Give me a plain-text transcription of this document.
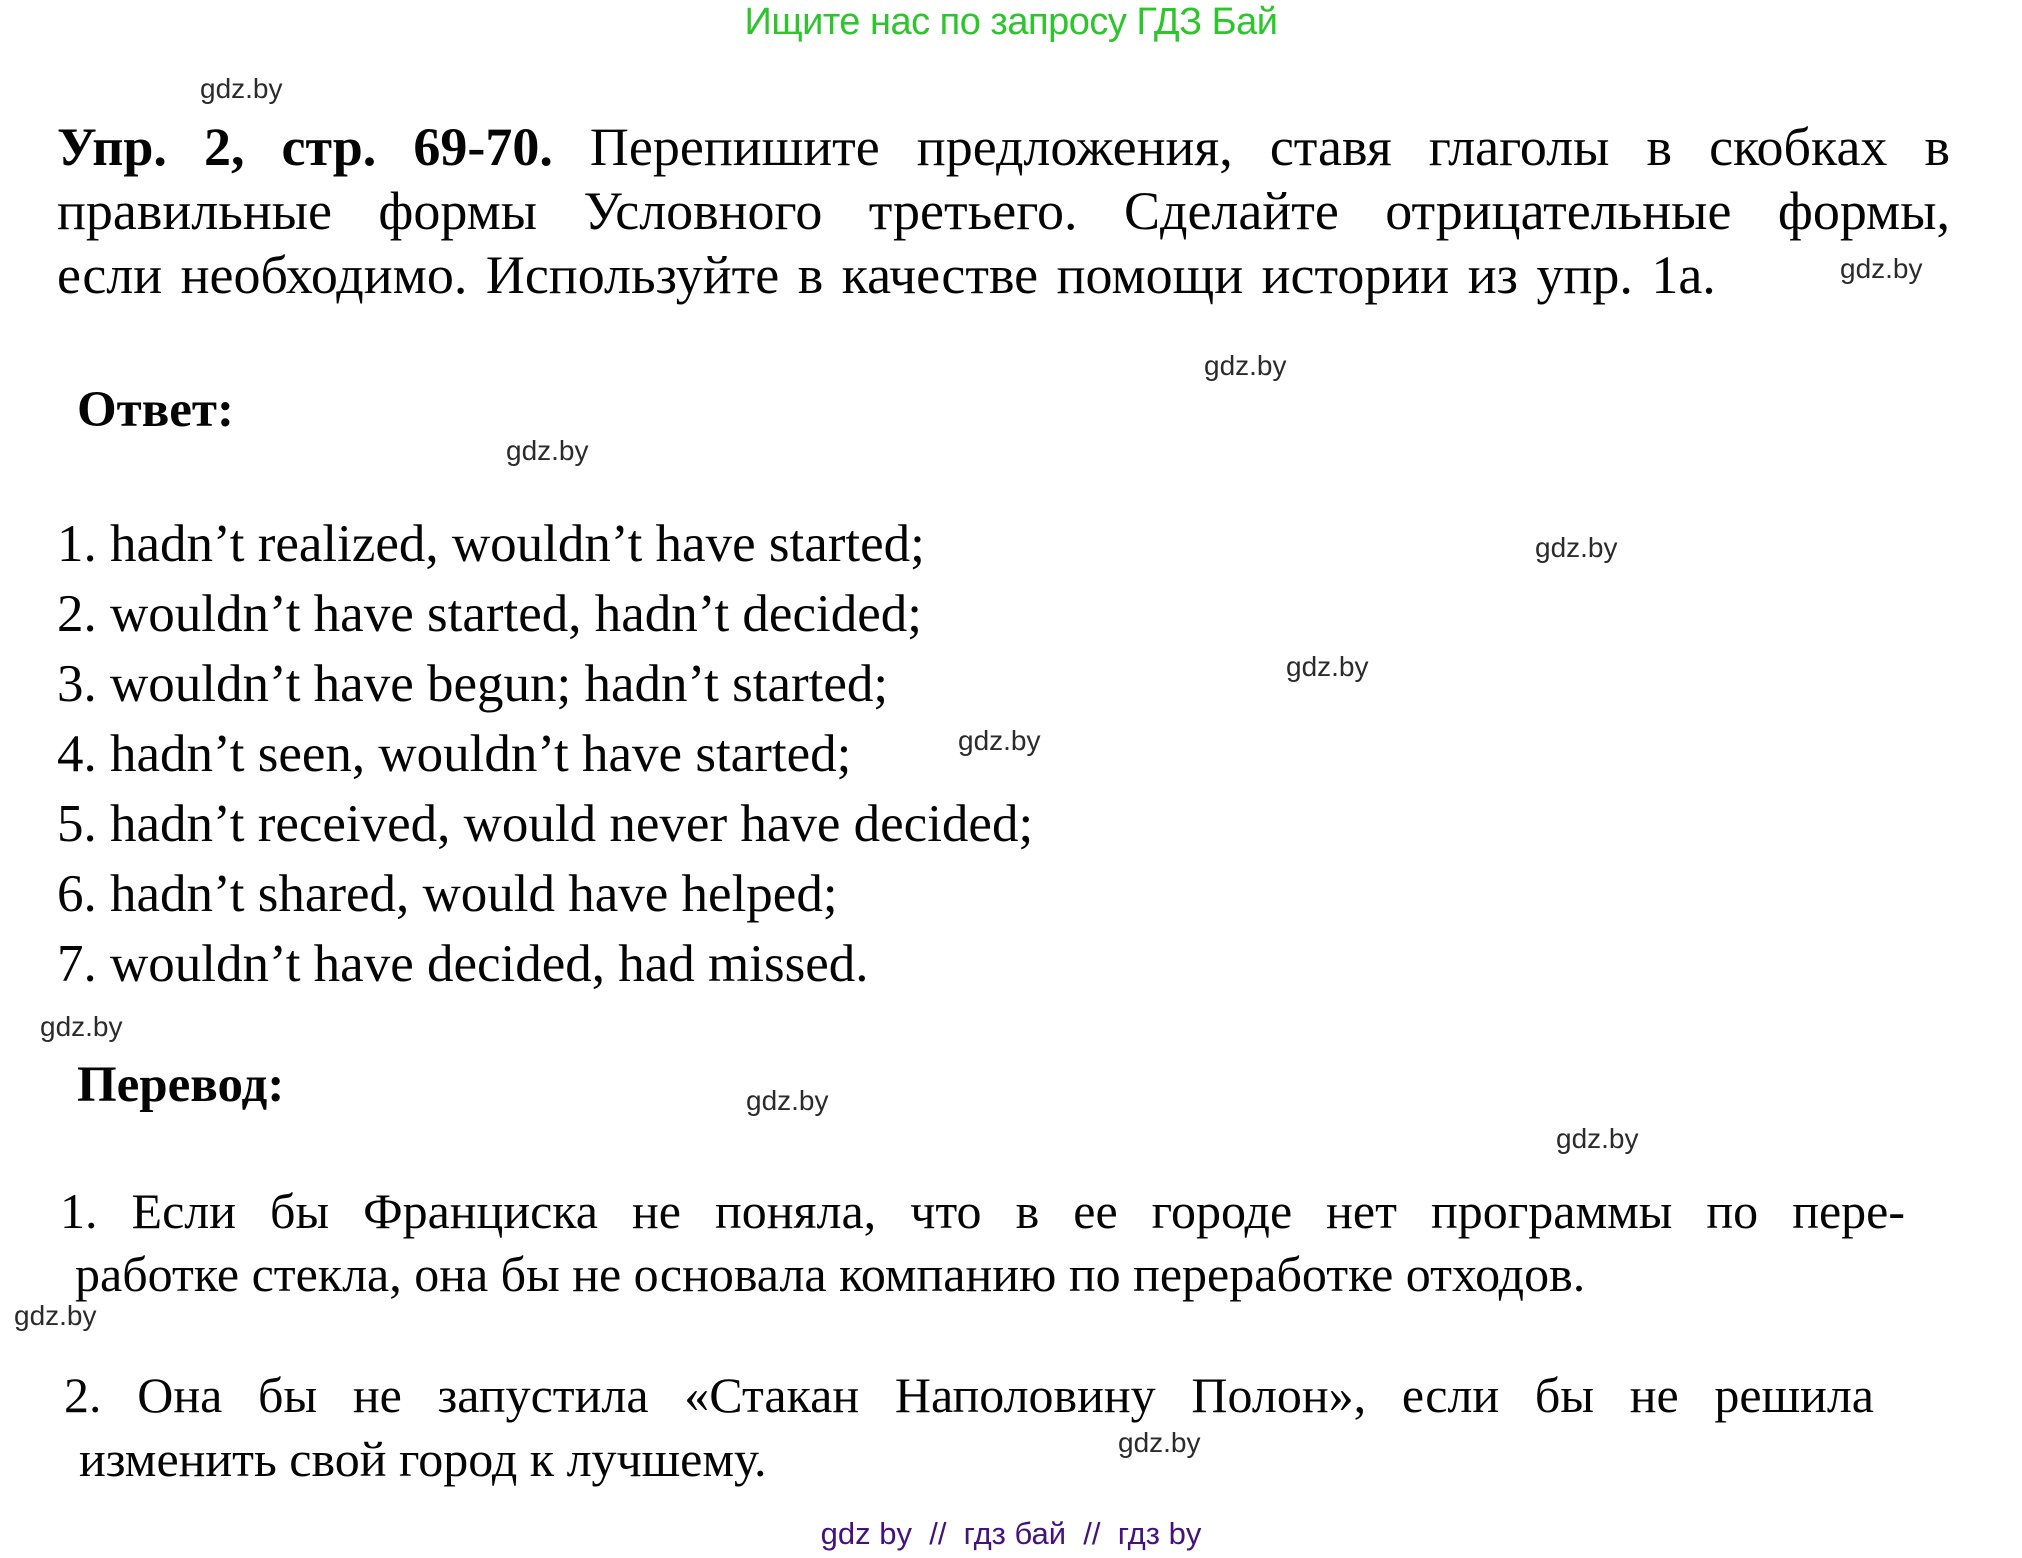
Ищите нас по запросу ГДЗ Бай
gdz.by
gdz.by
gdz.by
gdz.by
gdz.by
gdz.by
gdz.by
gdz.by
gdz.by
gdz.by
gdz.by
gdz.by
Упр. 2, стр. 69-70. Перепишите предложения, ставя глаголы в скобках в
правильные формы Условного третьего. Сделайте отрицательные формы,
если необходимо. Используйте в качестве помощи истории из упр. 1а.
Ответ:
1. hadn’t realized, wouldn’t have started;
2. wouldn’t have started, hadn’t decided;
3. wouldn’t have begun; hadn’t started;
4. hadn’t seen, wouldn’t have started;
5. hadn’t received, would never have decided;
6. hadn’t shared, would have helped;
7. wouldn’t have decided, had missed.
Перевод:
1. Если бы Франциска не поняла, что в ее городе нет программы по пере-
работке стекла, она бы не основала компанию по переработке отходов.
2. Она бы не запустила «Стакан Наполовину Полон», если бы не решила
изменить свой город к лучшему.
gdz by  //  гдз бай  //  гдз by
